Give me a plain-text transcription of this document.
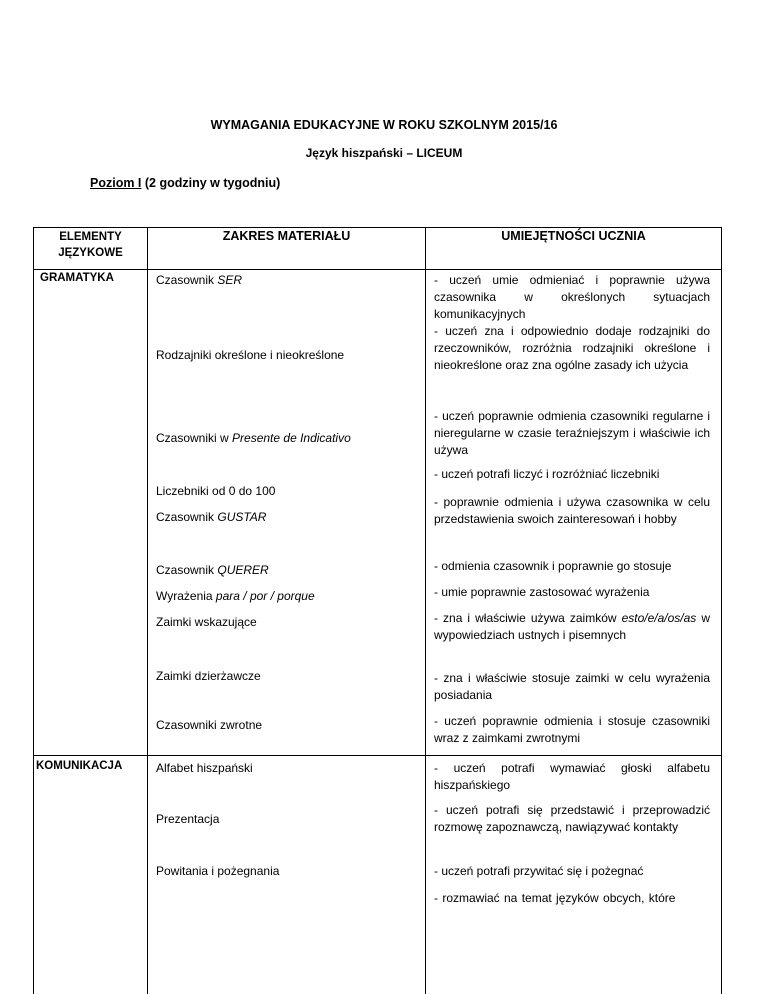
WYMAGANIA EDUKACYJNE W ROKU SZKOLNYM 2015/16
Język hiszpański – LICEUM
Poziom I (2 godziny w tygodniu)
ELEMENTY JĘZYKOWE
ZAKRES MATERIAŁU	UMIEJĘTNOŚCI UCZNIA
GRAMATYKA
KOMUNIKACJA
Czasownik SER
Rodzajniki określone i nieokreślone
Czasowniki w Presente de Indicativo
Liczebniki od 0 do 100
Czasownik GUSTAR
Czasownik QUERER
Wyrażenia para / por / porque
Zaimki wskazujące
Zaimki dzierżawcze
Czasowniki zwrotne
Alfabet hiszpański
Prezentacja
Powitania i pożegnania
- uczeń umie odmieniać i poprawnie używa czasownika w określonych sytuacjach komunikacyjnych
- uczeń zna i odpowiednio dodaje rodzajniki do rzeczowników, rozróżnia rodzajniki określone i nieokreślone oraz zna ogólne zasady ich użycia
- uczeń poprawnie odmienia czasowniki regularne i nieregularne w czasie teraźniejszym i właściwie ich używa
- uczeń potrafi liczyć i rozróżniać liczebniki
- poprawnie odmienia i używa czasownika w celu przedstawienia swoich zainteresowań i hobby
- odmienia czasownik i poprawnie go stosuje
- umie poprawnie zastosować wyrażenia
- zna i właściwie używa zaimków esto/e/a/os/as w wypowiedziach ustnych i pisemnych
- zna i właściwie stosuje zaimki w celu wyrażenia posiadania
- uczeń poprawnie odmienia i stosuje czasowniki wraz z zaimkami zwrotnymi
- uczeń potrafi wymawiać głoski alfabetu hiszpańskiego
- uczeń potrafi się przedstawić i przeprowadzić rozmowę zapoznawczą, nawiązywać kontakty
- uczeń potrafi przywitać się i pożegnać
- rozmawiać na temat języków obcych, które
